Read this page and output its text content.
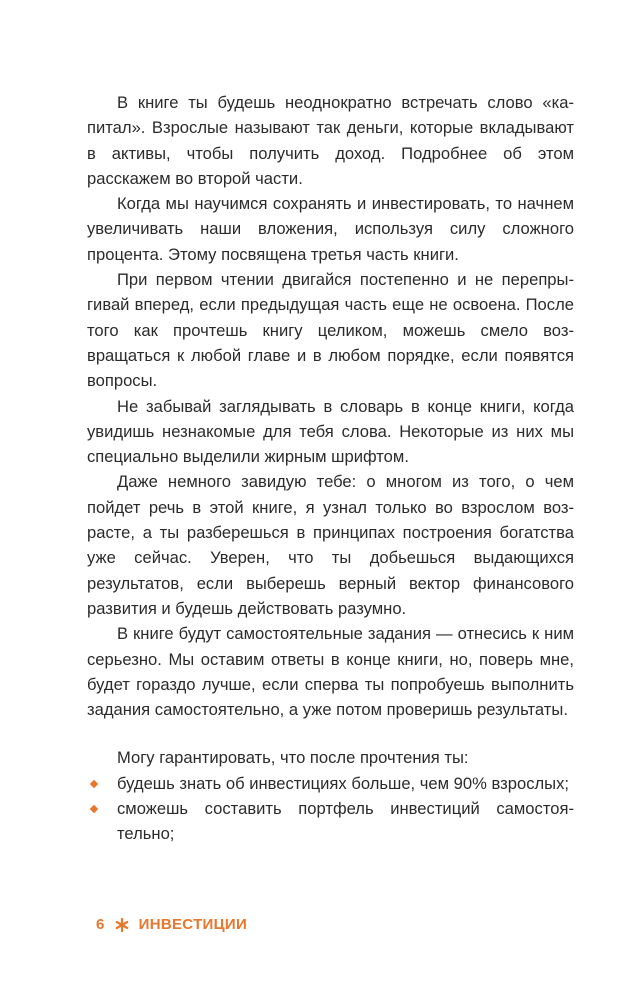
В книге ты будешь неоднократно встречать слово «капитал». Взрослые называют так деньги, которые вкладывают в активы, чтобы получить доход. Подробнее об этом расскажем во второй части.

Когда мы научимся сохранять и инвестировать, то начнем увеличивать наши вложения, используя силу сложного процента. Этому посвящена третья часть книги.

При первом чтении двигайся постепенно и не перепрыгивай вперед, если предыдущая часть еще не освоена. После того как прочтешь книгу целиком, можешь смело возвращаться к любой главе и в любом порядке, если появятся вопросы.

Не забывай заглядывать в словарь в конце книги, когда увидишь незнакомые для тебя слова. Некоторые из них мы специально выделили жирным шрифтом.

Даже немного завидую тебе: о многом из того, о чем пойдет речь в этой книге, я узнал только во взрослом возрасте, а ты разберешься в принципах построения богатства уже сейчас. Уверен, что ты добьешься выдающихся результатов, если выберешь верный вектор финансового развития и будешь действовать разумно.

В книге будут самостоятельные задания — отнесись к ним серьезно. Мы оставим ответы в конце книги, но, поверь мне, будет гораздо лучше, если сперва ты попробуешь выполнить задания самостоятельно, а уже потом проверишь результаты.

Могу гарантировать, что после прочтения ты:

будешь знать об инвестициях больше, чем 90% взрослых;
сможешь составить портфель инвестиций самостоятельно;
6 ИНВЕСТИЦИИ
